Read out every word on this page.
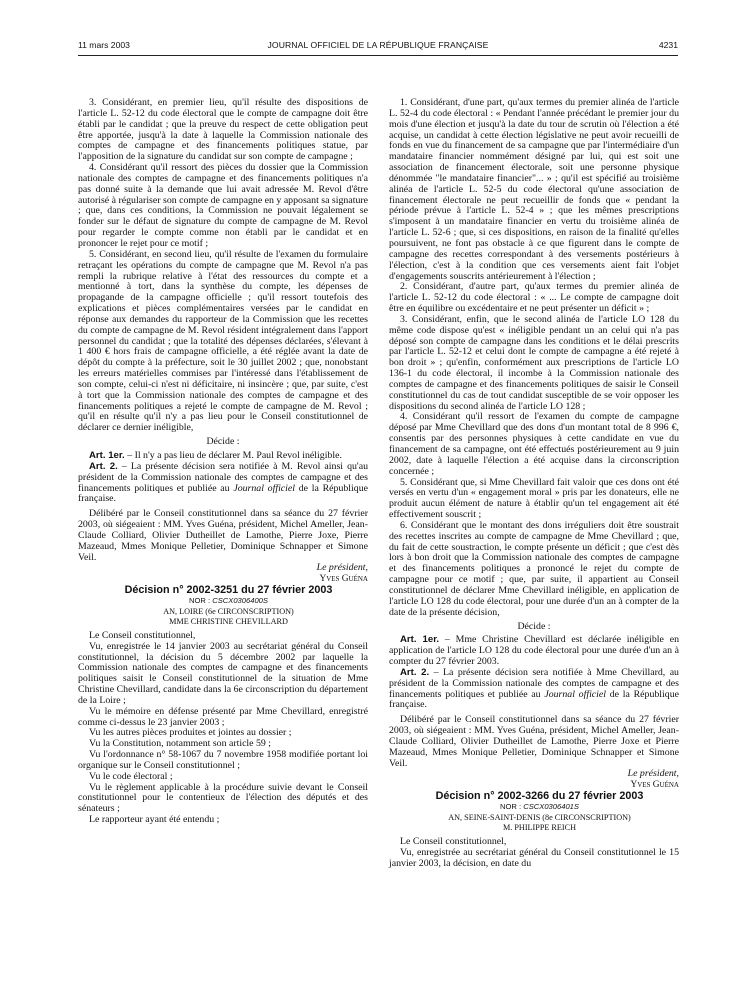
11 mars 2003	JOURNAL OFFICIEL DE LA RÉPUBLIQUE FRANÇAISE	4231

3. Considérant, en premier lieu, qu'il résulte des dispositions de l'article L. 52-12 du code électoral que le compte de campagne doit être établi par le candidat ; que la preuve du respect de cette obligation peut être apportée, jusqu'à la date à laquelle la Commission nationale des comptes de campagne et des financements politiques statue, par l'apposition de la signature du candidat sur son compte de campagne ;

4. Considérant qu'il ressort des pièces du dossier que la Commission nationale des comptes de campagne et des financements politiques n'a pas donné suite à la demande que lui avait adressée M. Revol d'être autorisé à régulariser son compte de campagne en y apposant sa signature ; que, dans ces conditions, la Commission ne pouvait légalement se fonder sur le défaut de signature du compte de campagne de M. Revol pour regarder le compte comme non établi par le candidat et en prononcer le rejet pour ce motif ;

5. Considérant, en second lieu, qu'il résulte de l'examen du formulaire retraçant les opérations du compte de campagne que M. Revol n'a pas rempli la rubrique relative à l'état des ressources du compte et a mentionné à tort, dans la synthèse du compte, les dépenses de propagande de la campagne officielle ; qu'il ressort toutefois des explications et pièces complémentaires versées par le candidat en réponse aux demandes du rapporteur de la Commission que les recettes du compte de campagne de M. Revol résident intégralement dans l'apport personnel du candidat ; que la totalité des dépenses déclarées, s'élevant à 1 400 € hors frais de campagne officielle, a été réglée avant la date de dépôt du compte à la préfecture, soit le 30 juillet 2002 ; que, nonobstant les erreurs matérielles commises par l'intéressé dans l'établissement de son compte, celui-ci n'est ni déficitaire, ni insincère ; que, par suite, c'est à tort que la Commission nationale des comptes de campagne et des financements politiques a rejeté le compte de campagne de M. Revol ; qu'il en résulte qu'il n'y a pas lieu pour le Conseil constitutionnel de déclarer ce dernier inéligible,

Décide :

Art. 1er. – Il n'y a pas lieu de déclarer M. Paul Revol inéligible.

Art. 2. – La présente décision sera notifiée à M. Revol ainsi qu'au président de la Commission nationale des comptes de campagne et des financements politiques et publiée au Journal officiel de la République française.

Délibéré par le Conseil constitutionnel dans sa séance du 27 février 2003, où siégeaient : MM. Yves Guéna, président, Michel Ameller, Jean-Claude Colliard, Olivier Dutheillet de Lamothe, Pierre Joxe, Pierre Mazeaud, Mmes Monique Pelletier, Dominique Schnapper et Simone Veil.

Le président,
Yves Guéna

Décision n° 2002-3251 du 27 février 2003

NOR : CSCX0306400S

AN, LOIRE (6e CIRCONSCRIPTION)

MME CHRISTINE CHEVILLARD

Le Conseil constitutionnel,

Vu, enregistrée le 14 janvier 2003 au secrétariat général du Conseil constitutionnel, la décision du 5 décembre 2002 par laquelle la Commission nationale des comptes de campagne et des financements politiques saisit le Conseil constitutionnel de la situation de Mme Christine Chevillard, candidate dans la 6e circonscription du département de la Loire ;

Vu le mémoire en défense présenté par Mme Chevillard, enregistré comme ci-dessus le 23 janvier 2003 ;

Vu les autres pièces produites et jointes au dossier ;

Vu la Constitution, notamment son article 59 ;

Vu l'ordonnance n° 58-1067 du 7 novembre 1958 modifiée portant loi organique sur le Conseil constitutionnel ;

Vu le code électoral ;

Vu le règlement applicable à la procédure suivie devant le Conseil constitutionnel pour le contentieux de l'élection des députés et des sénateurs ;

Le rapporteur ayant été entendu ;

1. Considérant, d'une part, qu'aux termes du premier alinéa de l'article L. 52-4 du code électoral : « Pendant l'année précédant le premier jour du mois d'une élection et jusqu'à la date du tour de scrutin où l'élection a été acquise, un candidat à cette élection législative ne peut avoir recueilli de fonds en vue du financement de sa campagne que par l'intermédiaire d'un mandataire financier nommément désigné par lui, qui est soit une association de financement électorale, soit une personne physique dénommée "le mandataire financier"... » ; qu'il est spécifié au troisième alinéa de l'article L. 52-5 du code électoral qu'une association de financement électorale ne peut recueillir de fonds que « pendant la période prévue à l'article L. 52-4 » ; que les mêmes prescriptions s'imposent à un mandataire financier en vertu du troisième alinéa de l'article L. 52-6 ; que, si ces dispositions, en raison de la finalité qu'elles poursuivent, ne font pas obstacle à ce que figurent dans le compte de campagne des recettes correspondant à des versements postérieurs à l'élection, c'est à la condition que ces versements aient fait l'objet d'engagements souscrits antérieurement à l'élection ;

2. Considérant, d'autre part, qu'aux termes du premier alinéa de l'article L. 52-12 du code électoral : « ... Le compte de campagne doit être en équilibre ou excédentaire et ne peut présenter un déficit » ;

3. Considérant, enfin, que le second alinéa de l'article LO 128 du même code dispose qu'est « inéligible pendant un an celui qui n'a pas déposé son compte de campagne dans les conditions et le délai prescrits par l'article L. 52-12 et celui dont le compte de campagne a été rejeté à bon droit » ; qu'enfin, conformément aux prescriptions de l'article LO 136-1 du code électoral, il incombe à la Commission nationale des comptes de campagne et des financements politiques de saisir le Conseil constitutionnel du cas de tout candidat susceptible de se voir opposer les dispositions du second alinéa de l'article LO 128 ;

4. Considérant qu'il ressort de l'examen du compte de campagne déposé par Mme Chevillard que des dons d'un montant total de 8 996 €, consentis par des personnes physiques à cette candidate en vue du financement de sa campagne, ont été effectués postérieurement au 9 juin 2002, date à laquelle l'élection a été acquise dans la circonscription concernée ;

5. Considérant que, si Mme Chevillard fait valoir que ces dons ont été versés en vertu d'un « engagement moral » pris par les donateurs, elle ne produit aucun élément de nature à établir qu'un tel engagement ait été effectivement souscrit ;

6. Considérant que le montant des dons irréguliers doit être soustrait des recettes inscrites au compte de campagne de Mme Chevillard ; que, du fait de cette soustraction, le compte présente un déficit ; que c'est dès lors à bon droit que la Commission nationale des comptes de campagne et des financements politiques a prononcé le rejet du compte de campagne pour ce motif ; que, par suite, il appartient au Conseil constitutionnel de déclarer Mme Chevillard inéligible, en application de l'article LO 128 du code électoral, pour une durée d'un an à compter de la date de la présente décision,

Décide :

Art. 1er. – Mme Christine Chevillard est déclarée inéligible en application de l'article LO 128 du code électoral pour une durée d'un an à compter du 27 février 2003.

Art. 2. – La présente décision sera notifiée à Mme Chevillard, au président de la Commission nationale des comptes de campagne et des financements politiques et publiée au Journal officiel de la République française.

Délibéré par le Conseil constitutionnel dans sa séance du 27 février 2003, où siégeaient : MM. Yves Guéna, président, Michel Ameller, Jean-Claude Colliard, Olivier Dutheillet de Lamothe, Pierre Joxe et Pierre Mazeaud, Mmes Monique Pelletier, Dominique Schnapper et Simone Veil.

Le président,
Yves Guéna

Décision n° 2002-3266 du 27 février 2003

NOR : CSCX0306401S

AN, SEINE-SAINT-DENIS (8e CIRCONSCRIPTION)

M. PHILIPPE REICH

Le Conseil constitutionnel,

Vu, enregistrée au secrétariat général du Conseil constitutionnel le 15 janvier 2003, la décision, en date du
